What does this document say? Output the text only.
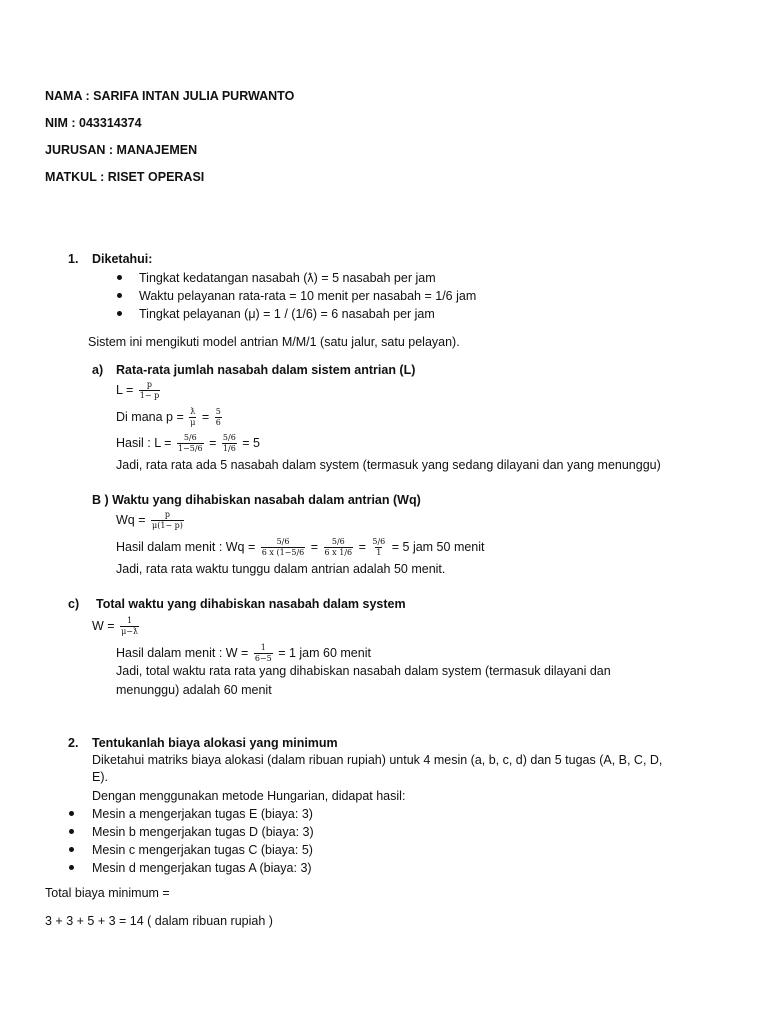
NAMA : SARIFA INTAN JULIA PURWANTO
NIM : 043314374
JURUSAN : MANAJEMEN
MATKUL : RISET OPERASI
1. Diketahui:
Tingkat kedatangan nasabah (ƛ) = 5 nasabah per jam
Waktu pelayanan rata-rata = 10 menit per nasabah = 1/6 jam
Tingkat pelayanan (μ) = 1 / (1/6) = 6 nasabah per jam
Sistem ini mengikuti model antrian M/M/1 (satu jalur, satu pelayan).
a) Rata-rata jumlah nasabah dalam sistem antrian (L)
$L = \frac{p}{1- p}$
Di mana $p = \frac{ƛ}{\mu} = \frac{5}{6}$
Hasil : $L = \frac{5/6}{1-5/6} = \frac{5/6}{1/6} = 5$
Jadi, rata rata ada 5 nasabah dalam system (termasuk yang sedang dilayani dan yang menunggu)
B ) Waktu yang dihabiskan nasabah dalam antrian (Wq)
$Wq = \frac{p}{\mu(1- p)}$
Hasil dalam menit : $Wq = \frac{5/6}{6 x (1-5/6} = \frac{5/6}{6 x 1/6} = \frac{5/6}{1} = 5$ jam 50 menit
Jadi, rata rata waktu tunggu dalam antrian adalah 50 menit.
c) Total waktu yang dihabiskan nasabah dalam system
$W = \frac{1}{\mu-ƛ}$
Hasil dalam menit : $W = \frac{1}{6-5} = 1$ jam 60 menit
Jadi, total waktu rata rata yang dihabiskan nasabah dalam system (termasuk dilayani dan
menunggu) adalah 60 menit
2. Tentukanlah biaya alokasi yang minimum
Diketahui matriks biaya alokasi (dalam ribuan rupiah) untuk 4 mesin (a, b, c, d) dan 5 tugas (A, B, C, D,
E).
Dengan menggunakan metode Hungarian, didapat hasil:
Mesin a mengerjakan tugas E (biaya: 3)
Mesin b mengerjakan tugas D (biaya: 3)
Mesin c mengerjakan tugas C (biaya: 5)
Mesin d mengerjakan tugas A (biaya: 3)
Total biaya minimum =
3 + 3 + 5 + 3 = 14 ( dalam ribuan rupiah )
